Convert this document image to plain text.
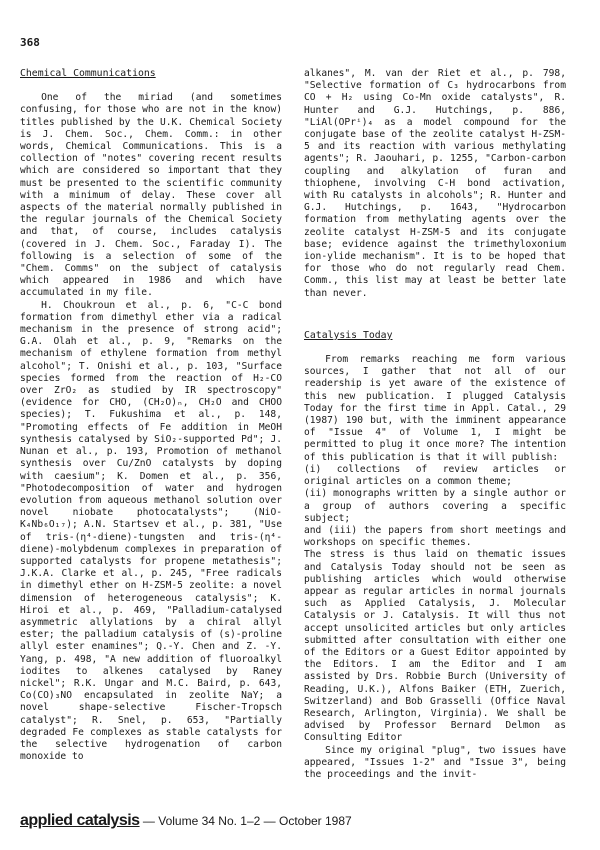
368
Chemical Communications

One of the miriad (and sometimes confusing, for those who are not in the know) titles published by the U.K. Chemical Society is J. Chem. Soc., Chem. Comm.: in other words, Chemical Communications. This is a collection of "notes" covering recent results which are considered so important that they must be presented to the scientific community with a minimum of delay. These cover all aspects of the material normally published in the regular journals of the Chemical Society and that, of course, includes catalysis (covered in J. Chem. Soc., Faraday I). The following is a selection of some of the "Chem. Comms" on the subject of catalysis which appeared in 1986 and which have accumulated in my file.

H. Choukroun et al., p. 6, "C-C bond formation from dimethyl ether via a radical mechanism in the presence of strong acid"; G.A. Olah et al., p. 9, "Remarks on the mechanism of ethylene formation from methyl alcohol"; T. Onishi et al., p. 103, "Surface species formed from the reaction of H₂-CO over ZrO₂ as studied by IR spectroscopy" (evidence for CHO, (CH₂O)ₙ, CH₂O and CHOO species); T. Fukushima et al., p. 148, "Promoting effects of Fe addition in MeOH synthesis catalysed by SiO₂-supported Pd"; J. Nunan et al., p. 193, Promotion of methanol synthesis over Cu/ZnO catalysts by doping with caesium"; K. Domen et al., p. 356, "Photodecomposition of water and hydrogen evolution from aqueous methanol solution over novel niobate photocatalysts"; (NiO-K₄Nb₆O₁₇); A.N. Startsev et al., p. 381, "Use of tris-(η⁴-diene)-tungsten and tris-(η⁴-diene)-molybdenum complexes in preparation of supported catalysts for propene metathesis"; J.K.A. Clarke et al., p. 245, "Free radicals in dimethyl ether on H-ZSM-5 zeolite: a novel dimension of heterogeneous catalysis"; K. Hiroi et al., p. 469, "Palladium-catalysed asymmetric allylations by a chiral allyl ester; the palladium catalysis of (s)-proline allyl ester enamines"; Q.-Y. Chen and Z. -Y. Yang, p. 498, "A new addition of fluoroalkyl iodites to alkenes catalysed by Raney nickel"; R.K. Ungar and M.C. Baird, p. 643, Co(CO)₃NO encapsulated in zeolite NaY; a novel shape-selective Fischer-Tropsch catalyst"; R. Snel, p. 653, "Partially degraded Fe complexes as stable catalysts for the selective hydrogenation of carbon monoxide to

alkanes", M. van der Riet et al., p. 798, "Selective formation of C₃ hydrocarbons from CO + H₂ using Co-Mn oxide catalysts", R. Hunter and G.J. Hutchings, p. 886, "LiAl(OPrⁱ)₄ as a model compound for the conjugate base of the zeolite catalyst H-ZSM-5 and its reaction with various methylating agents"; R. Jaouhari, p. 1255, "Carbon-carbon coupling and alkylation of furan and thiophene, involving C-H bond activation, with Ru catalysts in alcohols"; R. Hunter and G.J. Hutchings, p. 1643, "Hydrocarbon formation from methylating agents over the zeolite catalyst H-ZSM-5 and its conjugate base; evidence against the trimethyloxonium ion-ylide mechanism". It is to be hoped that for those who do not regularly read Chem. Comm., this list may at least be better late than never.

Catalysis Today

From remarks reaching me form various sources, I gather that not all of our readership is yet aware of the existence of this new publication. I plugged Catalysis Today for the first time in Appl. Catal., 29 (1987) 190 but, with the imminent appearance of "Issue 4" of Volume 1, I might be permitted to plug it once more? The intention of this publication is that it will publish:

(i) collections of review articles or original articles on a common theme;

(ii) monographs written by a single author or a group of authors covering a specific subject;

and (iii) the papers from short meetings and workshops on specific themes.

The stress is thus laid on thematic issues and Catalysis Today should not be seen as publishing articles which would otherwise appear as regular articles in normal journals such as Applied Catalysis, J. Molecular Catalysis or J. Catalysis. It will thus not accept unsolicited articles but only articles submitted after consultation with either one of the Editors or a Guest Editor appointed by the Editors. I am the Editor and I am assisted by Drs. Robbie Burch (University of Reading, U.K.), Alfons Baiker (ETH, Zuerich, Switzerland) and Bob Grasselli (Office Naval Research, Arlington, Virginia). We shall be advised by Professor Bernard Delmon as Consulting Editor

Since my original "plug", two issues have appeared, "Issues 1-2" and "Issue 3", being the proceedings and the invit-

applied catalysis — Volume 34 No. 1–2 — October 1987
